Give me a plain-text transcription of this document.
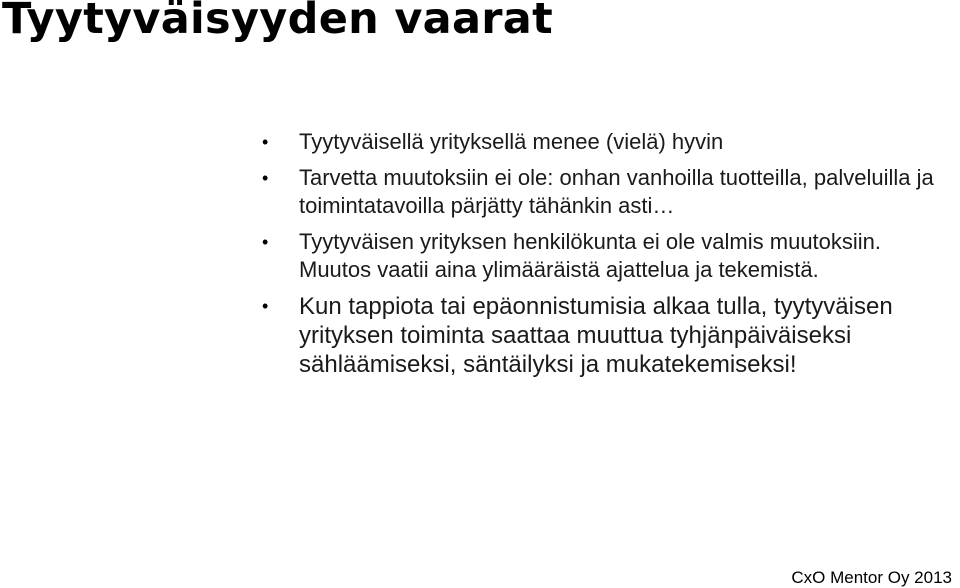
Tyytyväisyyden vaarat
• Tyytyväisellä yrityksellä menee (vielä) hyvin
• Tarvetta muutoksiin ei ole: onhan vanhoilla tuotteilla, palveluilla ja toimintatavoilla pärjätty tähänkin asti…
• Tyytyväisen yrityksen henkilökunta ei ole valmis muutoksiin. Muutos vaatii aina ylimääräistä ajattelua ja tekemistä.
• Kun tappiota tai epäonnistumisia alkaa tulla, tyytyväisen yrityksen toiminta saattaa muuttua tyhjänpäiväiseksi sähläämiseksi, säntäilyksi ja mukatekemiseksi!
CxO Mentor Oy 2013
